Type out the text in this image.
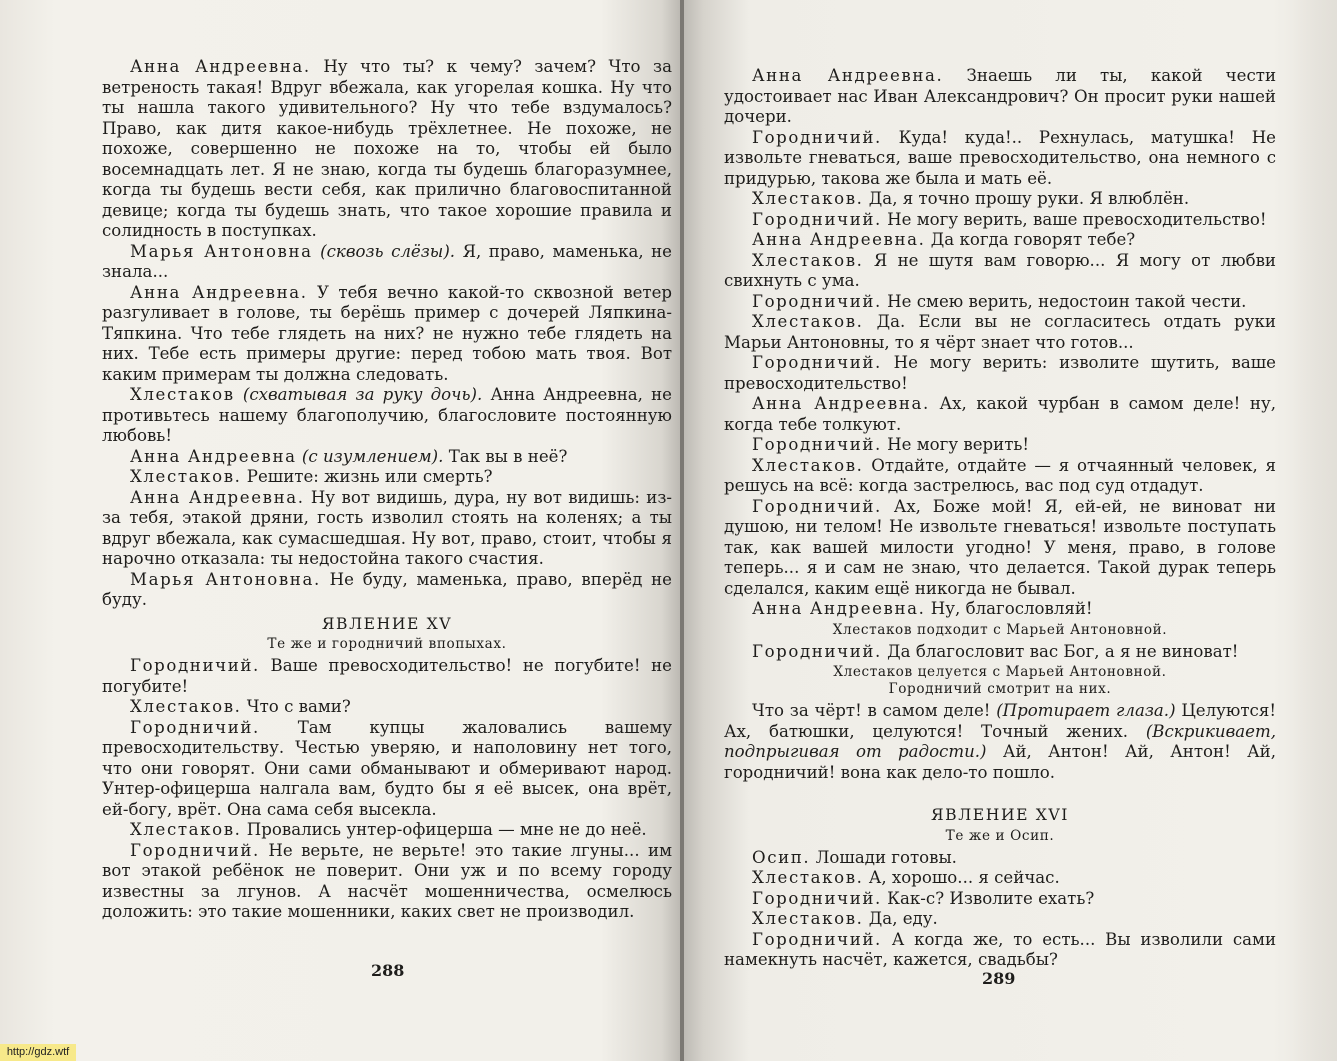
Анна Андреевна. Ну что ты? к чему? зачем? Что за ветреность такая! Вдруг вбежала, как угорелая кошка. Ну что ты нашла такого удивительного? Ну что тебе вздумалось? Право, как дитя какое-нибудь трёхлетнее. Не похоже, не похоже, совершенно не похоже на то, чтобы ей было восемнадцать лет. Я не знаю, когда ты будешь благоразумнее, когда ты будешь вести себя, как прилично благовоспитанной девице; когда ты будешь знать, что такое хорошие правила и солидность в поступках.

Марья Антоновна (сквозь слёзы). Я, право, маменька, не знала...

Анна Андреевна. У тебя вечно какой-то сквозной ветер разгуливает в голове, ты берёшь пример с дочерей Ляпкина-Тяпкина. Что тебе глядеть на них? не нужно тебе глядеть на них. Тебе есть примеры другие: перед тобою мать твоя. Вот каким примерам ты должна следовать.

Хлестаков (схватывая за руку дочь). Анна Андреевна, не противьтесь нашему благополучию, благословите постоянную любовь!

Анна Андреевна (с изумлением). Так вы в неё?

Хлестаков. Решите: жизнь или смерть?

Анна Андреевна. Ну вот видишь, дура, ну вот видишь: из-за тебя, этакой дряни, гость изволил стоять на коленях; а ты вдруг вбежала, как сумасшедшая. Ну вот, право, стоит, чтобы я нарочно отказала: ты недостойна такого счастия.

Марья Антоновна. Не буду, маменька, право, вперёд не буду.

ЯВЛЕНИЕ XV

Те же и городничий впопыхах.

Городничий. Ваше превосходительство! не погубите! не погубите!

Хлестаков. Что с вами?

Городничий. Там купцы жаловались вашему превосходительству. Честью уверяю, и наполовину нет того, что они говорят. Они сами обманывают и обмеривают народ. Унтер-офицерша налгала вам, будто бы я её высек, она врёт, ей-богу, врёт. Она сама себя высекла.

Хлестаков. Провались унтер-офицерша — мне не до неё.

Городничий. Не верьте, не верьте! это такие лгуны... им вот этакой ребёнок не поверит. Они уж и по всему городу известны за лгунов. А насчёт мошенничества, осмелюсь доложить: это такие мошенники, каких свет не производил.

288

Анна Андреевна. Знаешь ли ты, какой чести удостоивает нас Иван Александрович? Он просит руки нашей дочери.

Городничий. Куда! куда!.. Рехнулась, матушка! Не извольте гневаться, ваше превосходительство, она немного с придурью, такова же была и мать её.

Хлестаков. Да, я точно прошу руки. Я влюблён.

Городничий. Не могу верить, ваше превосходительство!

Анна Андреевна. Да когда говорят тебе?

Хлестаков. Я не шутя вам говорю... Я могу от любви свихнуть с ума.

Городничий. Не смею верить, недостоин такой чести.

Хлестаков. Да. Если вы не согласитесь отдать руки Марьи Антоновны, то я чёрт знает что готов...

Городничий. Не могу верить: изволите шутить, ваше превосходительство!

Анна Андреевна. Ах, какой чурбан в самом деле! ну, когда тебе толкуют.

Городничий. Не могу верить!

Хлестаков. Отдайте, отдайте — я отчаянный человек, я решусь на всё: когда застрелюсь, вас под суд отдадут.

Городничий. Ах, Боже мой! Я, ей-ей, не виноват ни душою, ни телом! Не извольте гневаться! извольте поступать так, как вашей милости угодно! У меня, право, в голове теперь... я и сам не знаю, что делается. Такой дурак теперь сделался, каким ещё никогда не бывал.

Анна Андреевна. Ну, благословляй!

Хлестаков подходит с Марьей Антоновной.

Городничий. Да благословит вас Бог, а я не виноват!

Хлестаков целуется с Марьей Антоновной.
Городничий смотрит на них.

Что за чёрт! в самом деле! (Протирает глаза.) Целуются! Ах, батюшки, целуются! Точный жених. (Вскрикивает, подпрыгивая от радости.) Ай, Антон! Ай, Антон! Ай, городничий! вона как дело-то пошло.

ЯВЛЕНИЕ XVI

Те же и Осип.

Осип. Лошади готовы.

Хлестаков. А, хорошо... я сейчас.

Городничий. Как-с? Изволите ехать?

Хлестаков. Да, еду.

Городничий. А когда же, то есть... Вы изволили сами намекнуть насчёт, кажется, свадьбы?

289
http://gdz.wtf
